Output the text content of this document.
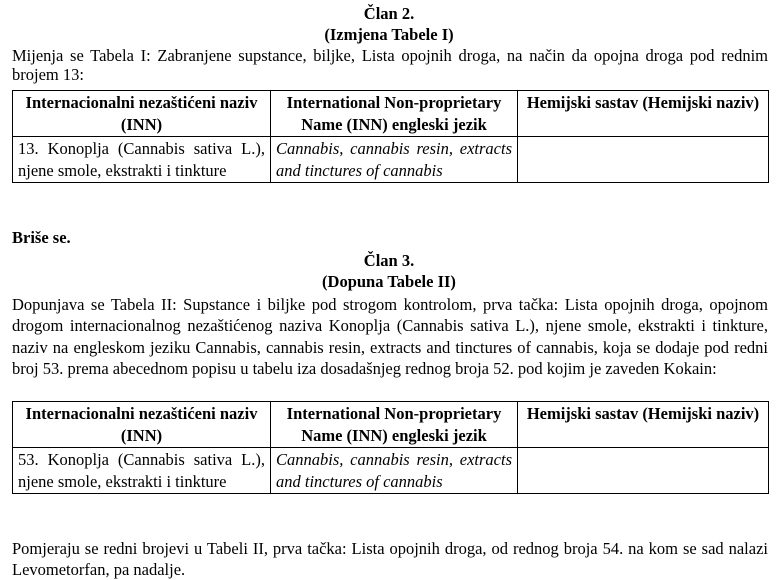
Član 2.
(Izmjena Tabele I)
Mijenja se Tabela I: Zabranjene supstance, biljke, Lista opojnih droga, na način da opojna droga pod rednim brojem 13:
Internacionalni nezaštićeni naziv (INN)	International Non-proprietary Name (INN) engleski jezik	Hemijski sastav (Hemijski naziv)
13. Konoplja (Cannabis sativa L.), njene smole, ekstrakti i tinkture	Cannabis, cannabis resin, extracts and tinctures of cannabis	
Briše se.
Član 3.
(Dopuna Tabele II)
Dopunjava se Tabela II: Supstance i biljke pod strogom kontrolom, prva tačka: Lista opojnih droga, opojnom drogom internacionalnog nezaštićenog naziva Konoplja (Cannabis sativa L.), njene smole, ekstrakti i tinkture, naziv na engleskom jeziku Cannabis, cannabis resin, extracts and tinctures of cannabis, koja se dodaje pod redni broj 53. prema abecednom popisu u tabelu iza dosadašnjeg rednog broja 52. pod kojim je zaveden Kokain:
Internacionalni nezaštićeni naziv (INN)	International Non-proprietary Name (INN) engleski jezik	Hemijski sastav (Hemijski naziv)
53. Konoplja (Cannabis sativa L.), njene smole, ekstrakti i tinkture	Cannabis, cannabis resin, extracts and tinctures of cannabis	
Pomjeraju se redni brojevi u Tabeli II, prva tačka: Lista opojnih droga, od rednog broja 54. na kom se sad nalazi Levometorfan, pa nadalje.
